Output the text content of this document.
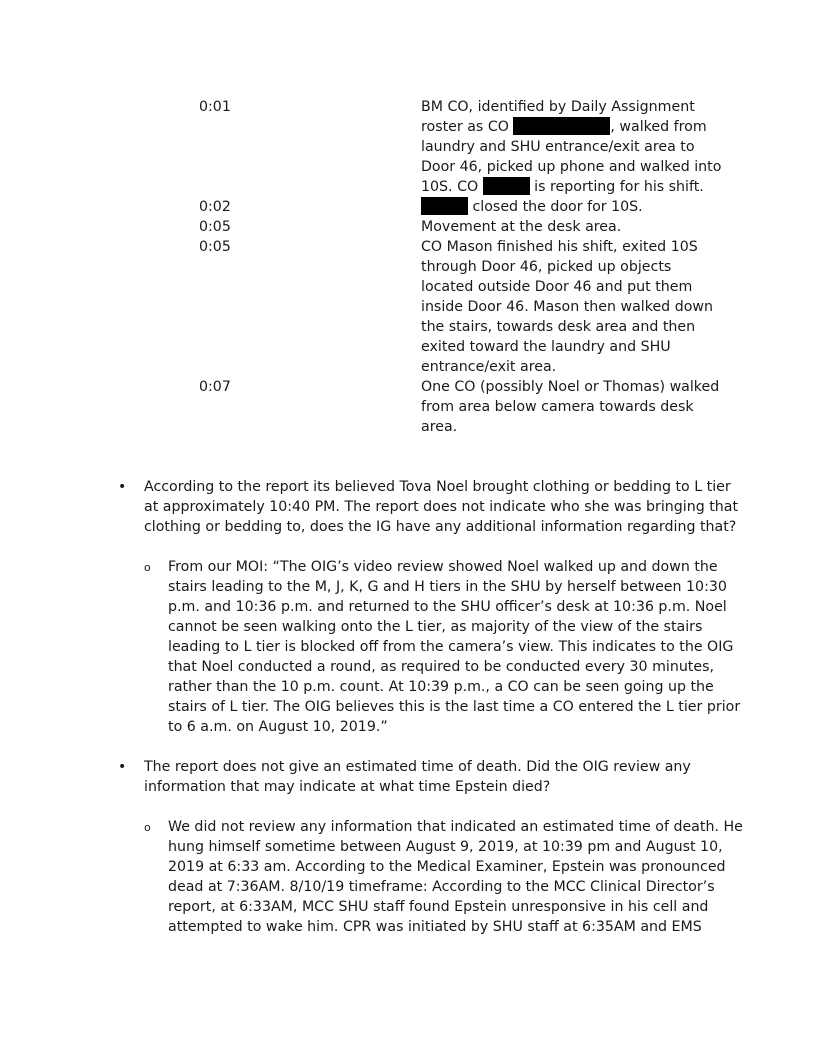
0:01	BM CO, identified by Daily Assignment
roster as CO	, walked from
laundry and SHU entrance/exit area to
Door 46, picked up phone and walked into
10S. CO	is reporting for his shift.
0:02	closed the door for 10S.
0:05	Movement at the desk area.
0:05	CO Mason finished his shift, exited 10S
through Door 46, picked up objects
located outside Door 46 and put them
inside Door 46. Mason then walked down
the stairs, towards desk area and then
exited toward the laundry and SHU
entrance/exit area.
0:07	One CO (possibly Noel or Thomas) walked
from area below camera towards desk
area.
• According to the report its believed Tova Noel brought clothing or bedding to L tier
at approximately 10:40 PM. The report does not indicate who she was bringing that
clothing or bedding to, does the IG have any additional information regarding that?
o From our MOI: “The OIG’s video review showed Noel walked up and down the
stairs leading to the M, J, K, G and H tiers in the SHU by herself between 10:30
p.m. and 10:36 p.m. and returned to the SHU officer’s desk at 10:36 p.m. Noel
cannot be seen walking onto the L tier, as majority of the view of the stairs
leading to L tier is blocked off from the camera’s view. This indicates to the OIG
that Noel conducted a round, as required to be conducted every 30 minutes,
rather than the 10 p.m. count. At 10:39 p.m., a CO can be seen going up the
stairs of L tier. The OIG believes this is the last time a CO entered the L tier prior
to 6 a.m. on August 10, 2019.”
• The report does not give an estimated time of death. Did the OIG review any
information that may indicate at what time Epstein died?
o We did not review any information that indicated an estimated time of death. He
hung himself sometime between August 9, 2019, at 10:39 pm and August 10,
2019 at 6:33 am. According to the Medical Examiner, Epstein was pronounced
dead at 7:36AM. 8/10/19 timeframe: According to the MCC Clinical Director’s
report, at 6:33AM, MCC SHU staff found Epstein unresponsive in his cell and
attempted to wake him. CPR was initiated by SHU staff at 6:35AM and EMS
